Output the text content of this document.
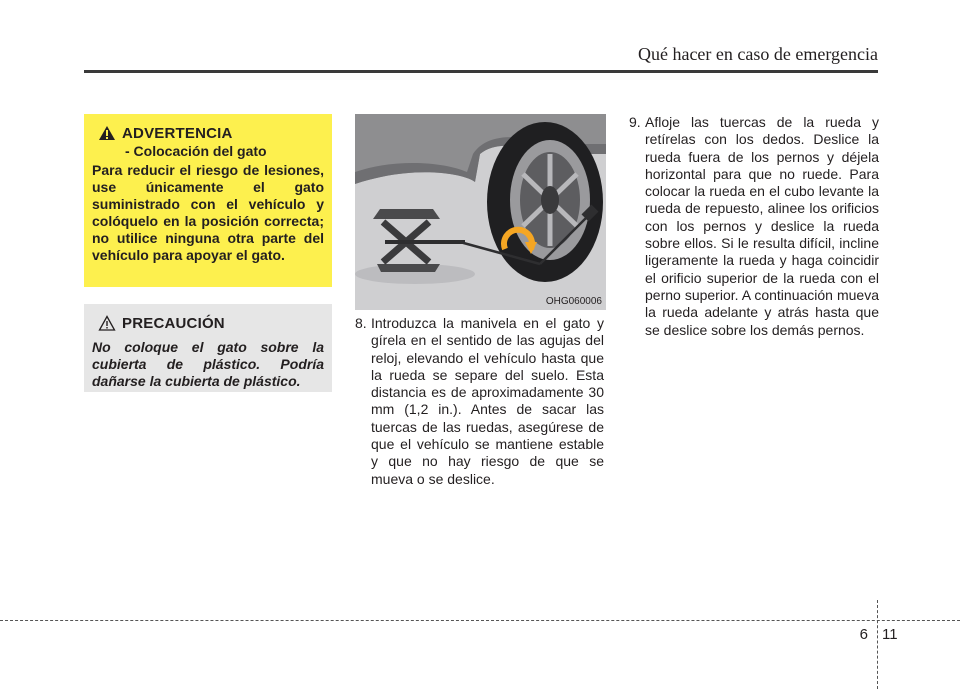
Qué hacer en caso de emergencia
ADVERTENCIA
- Colocación del gato
Para reducir el riesgo de lesiones, use únicamente el gato suministrado con el vehículo y colóquelo en la posición correcta; no utilice ninguna otra parte del vehículo para apoyar el gato.
PRECAUCIÓN
No coloque el gato sobre la cubierta de plástico. Podría dañarse la cubierta de plástico.
OHG060006
8. Introduzca la manivela en el gato y gírela en el sentido de las agujas del reloj, elevando el vehículo hasta que la rueda se separe del suelo. Esta distancia es de aproximadamente 30 mm (1,2 in.). Antes de sacar las tuercas de las ruedas, asegúrese de que el vehículo se mantiene estable y que no hay riesgo de que se mueva o se deslice.
9. Afloje las tuercas de la rueda y retírelas con los dedos. Deslice la rueda fuera de los pernos y déjela horizontal para que no ruede. Para colocar la rueda en el cubo levante la rueda de repuesto, alinee los orificios con los pernos y deslice la rueda sobre ellos. Si le resulta difícil, incline ligeramente la rueda y haga coincidir el orificio superior de la rueda con el perno superior. A continuación mueva la rueda adelante y atrás hasta que se deslice sobre los demás pernos.
6 11
